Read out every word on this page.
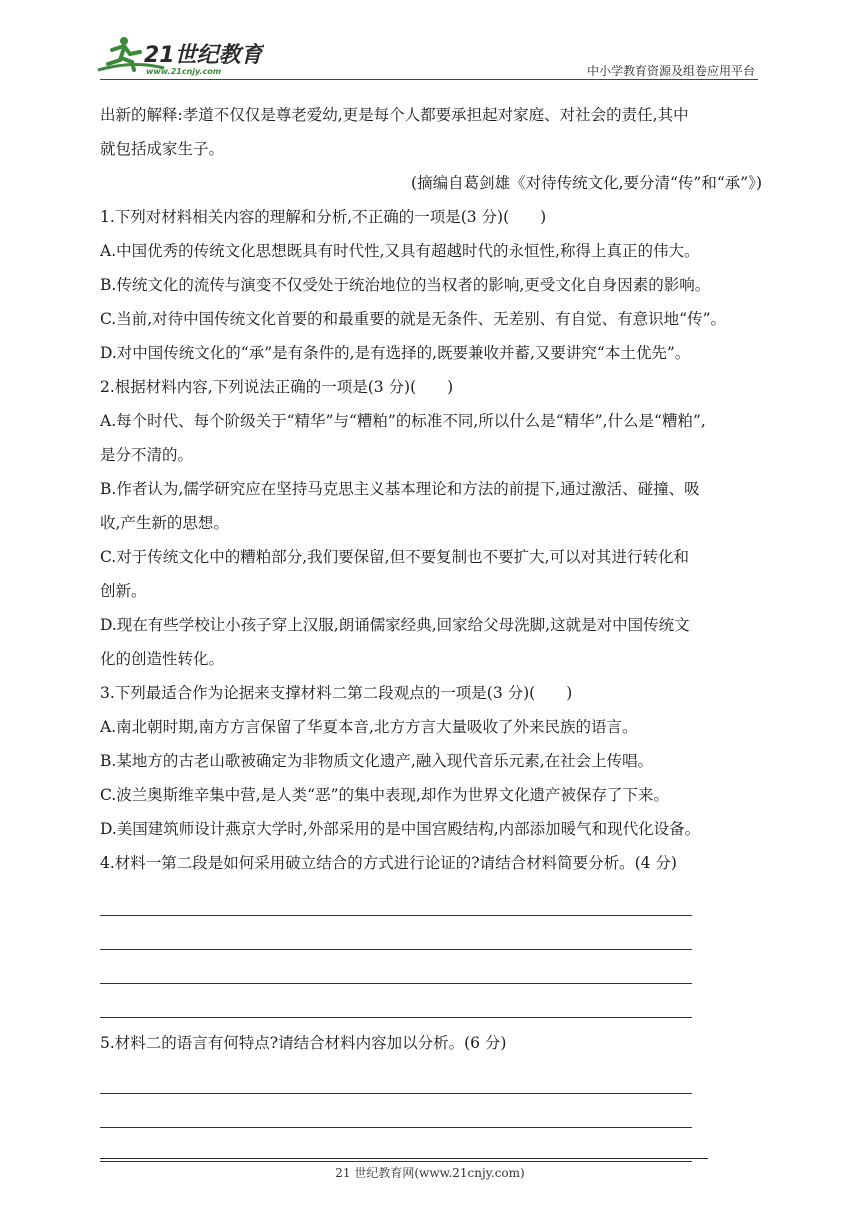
21世纪教育
www.21cnjy.com	中小学教育资源及组卷应用平台

出新的解释:孝道不仅仅是尊老爱幼,更是每个人都要承担起对家庭、对社会的责任,其中

就包括成家生子。

(摘编自葛剑雄《对待传统文化,要分清“传”和“承”》)

1.下列对材料相关内容的理解和分析,不正确的一项是(3 分)(　　)

A.中国优秀的传统文化思想既具有时代性,又具有超越时代的永恒性,称得上真正的伟大。

B.传统文化的流传与演变不仅受处于统治地位的当权者的影响,更受文化自身因素的影响。

C.当前,对待中国传统文化首要的和最重要的就是无条件、无差别、有自觉、有意识地“传”。

D.对中国传统文化的“承”是有条件的,是有选择的,既要兼收并蓄,又要讲究“本土优先”。

2.根据材料内容,下列说法正确的一项是(3 分)(　　)

A.每个时代、每个阶级关于“精华”与“糟粕”的标准不同,所以什么是“精华”,什么是“糟粕”,

是分不清的。

B.作者认为,儒学研究应在坚持马克思主义基本理论和方法的前提下,通过激活、碰撞、吸

收,产生新的思想。

C.对于传统文化中的糟粕部分,我们要保留,但不要复制也不要扩大,可以对其进行转化和

创新。

D.现在有些学校让小孩子穿上汉服,朗诵儒家经典,回家给父母洗脚,这就是对中国传统文

化的创造性转化。

3.下列最适合作为论据来支撑材料二第二段观点的一项是(3 分)(　　)

A.南北朝时期,南方方言保留了华夏本音,北方方言大量吸收了外来民族的语言。

B.某地方的古老山歌被确定为非物质文化遗产,融入现代音乐元素,在社会上传唱。

C.波兰奥斯维辛集中营,是人类“恶”的集中表现,却作为世界文化遗产被保存了下来。

D.美国建筑师设计燕京大学时,外部采用的是中国宫殿结构,内部添加暖气和现代化设备。

4.材料一第二段是如何采用破立结合的方式进行论证的?请结合材料简要分析。(4 分)

5.材料二的语言有何特点?请结合材料内容加以分析。(6 分)

21 世纪教育网(www.21cnjy.com)
